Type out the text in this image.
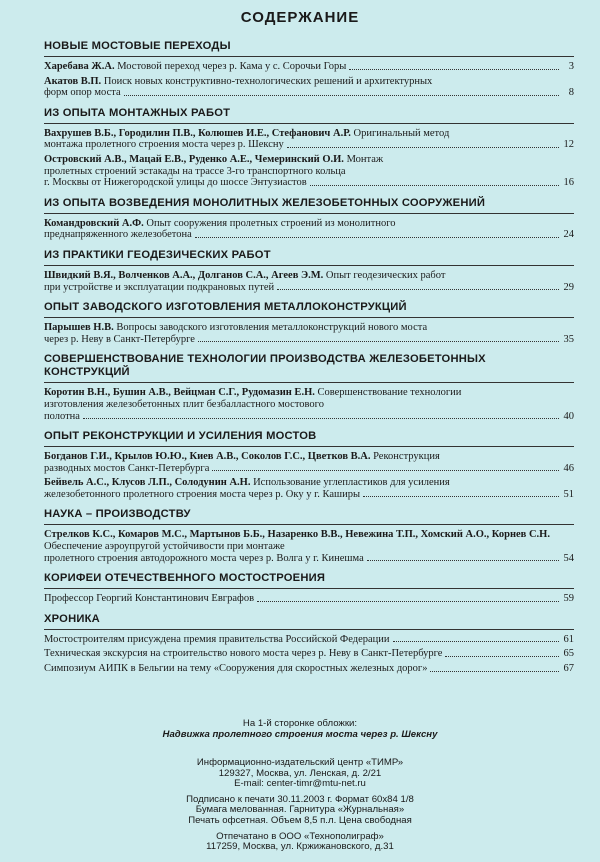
СОДЕРЖАНИЕ
НОВЫЕ МОСТОВЫЕ ПЕРЕХОДЫ
Харебава Ж.А. Мостовой переход через р. Кама у с. Сорочьи Горы	3
Акатов В.П. Поиск новых конструктивно-технологических решений и архитектурных
форм опор моста	8
ИЗ ОПЫТА МОНТАЖНЫХ РАБОТ
Вахрушев В.Б., Городилин П.В., Колюшев И.Е., Стефанович А.Р. Оригинальный метод
монтажа пролетного строения моста через р. Шексну	12
Островский А.В., Мацай Е.В., Руденко А.Е., Чемеринский О.И. Монтаж
пролетных строений эстакады на трассе 3-го транспортного кольца
г. Москвы от Нижегородской улицы до шоссе Энтузиастов	16
ИЗ ОПЫТА ВОЗВЕДЕНИЯ МОНОЛИТНЫХ ЖЕЛЕЗОБЕТОННЫХ СООРУЖЕНИЙ
Командровский А.Ф. Опыт сооружения пролетных строений из монолитного
преднапряженного железобетона	24
ИЗ ПРАКТИКИ ГЕОДЕЗИЧЕСКИХ РАБОТ
Швидкий В.Я., Волченков А.А., Долганов С.А., Агеев Э.М. Опыт геодезических работ
при устройстве и эксплуатации подкрановых путей	29
ОПЫТ ЗАВОДСКОГО ИЗГОТОВЛЕНИЯ МЕТАЛЛОКОНСТРУКЦИЙ
Парышев Н.В. Вопросы заводского изготовления металлоконструкций нового моста
через р. Неву в Санкт-Петербурге	35
СОВЕРШЕНСТВОВАНИЕ ТЕХНОЛОГИИ ПРОИЗВОДСТВА ЖЕЛЕЗОБЕТОННЫХ КОНСТРУКЦИЙ
Коротин В.Н., Бушин А.В., Вейцман С.Г., Рудомазин Е.Н. Совершенствование технологии
изготовления железобетонных плит безбалластного мостового
полотна	40
ОПЫТ РЕКОНСТРУКЦИИ И УСИЛЕНИЯ МОСТОВ
Богданов Г.И., Крылов Ю.Ю., Киев А.В., Соколов Г.С., Цветков В.А. Реконструкция
разводных мостов Санкт-Петербурга	46
Бейвель А.С., Клусов Л.П., Солодунин А.Н. Использование углепластиков для усиления
железобетонного пролетного строения моста через р. Оку у г. Каширы	51
НАУКА – ПРОИЗВОДСТВУ
Стрелков К.С., Комаров М.С., Мартынов Б.Б., Назаренко В.В., Невежина Т.П., Хомский А.О., Корнев С.Н. Обеспечение аэроупругой устойчивости при монтаже
пролетного строения автодорожного моста через р. Волга у г. Кинешма	54
КОРИФЕИ ОТЕЧЕСТВЕННОГО МОСТОСТРОЕНИЯ
Профессор Георгий Константинович Евграфов	59
ХРОНИКА
Мостостроителям присуждена премия правительства Российской Федерации	61
Техническая экскурсия на строительство нового моста через р. Неву в Санкт-Петербурге	65
Симпозиум АИПК в Бельгии на тему «Сооружения для скоростных железных дорог»	67
На 1-й сторонке обложки:
Надвижка пролетного строения моста через р. Шексну
Информационно-издательский центр «ТИМР»
129327, Москва, ул. Ленская, д. 2/21
E-mail: center-timr@mtu-net.ru
Подписано к печати 30.11.2003 г. Формат 60х84 1/8
Бумага мелованная. Гарнитура «Журнальная»
Печать офсетная. Объем 8,5 п.л. Цена свободная
Отпечатано в ООО «Технополиграф»
117259, Москва, ул. Кржижановского, д.31
